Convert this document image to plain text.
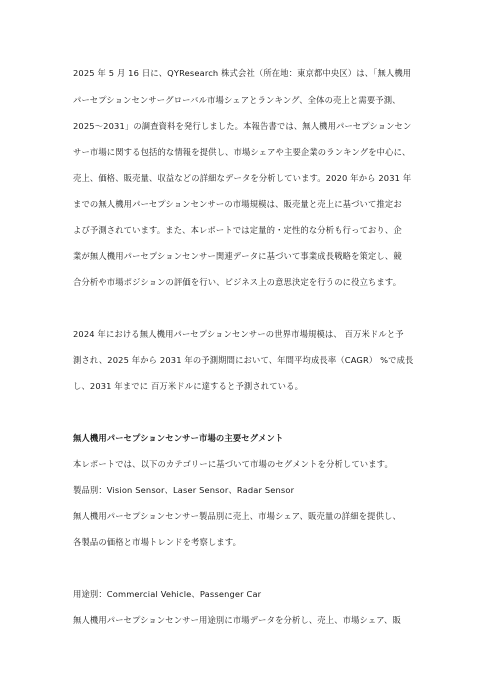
2025 年 5 月 16 日に、QYResearch 株式会社（所在地：東京都中央区）は、「無人機用
パーセプションセンサーグローバル市場シェアとランキング、全体の売上と需要予測、
2025～2031」の調査資料を発行しました。本報告書では、無人機用パーセプションセン
サー市場に関する包括的な情報を提供し、市場シェアや主要企業のランキングを中心に、
売上、価格、販売量、収益などの詳細なデータを分析しています。2020 年から 2031 年
までの無人機用パーセプションセンサーの市場規模は、販売量と売上に基づいて推定お
よび予測されています。また、本レポートでは定量的・定性的な分析も行っており、企
業が無人機用パーセプションセンサー関連データに基づいて事業成長戦略を策定し、競
合分析や市場ポジションの評価を行い、ビジネス上の意思決定を行うのに役立ちます。
2024 年における無人機用パーセプションセンサーの世界市場規模は、 百万米ドルと予
測され、2025 年から 2031 年の予測期間において、年間平均成長率（CAGR） %で成長
し、2031 年までに 百万米ドルに達すると予測されている。
無人機用パーセプションセンサー市場の主要セグメント
本レポートでは、以下のカテゴリーに基づいて市場のセグメントを分析しています。
製品別：Vision Sensor、Laser Sensor、Radar Sensor
無人機用パーセプションセンサー製品別に売上、市場シェア、販売量の詳細を提供し、
各製品の価格と市場トレンドを考察します。
用途別：Commercial Vehicle、Passenger Car
無人機用パーセプションセンサー用途別に市場データを分析し、売上、市場シェア、販
